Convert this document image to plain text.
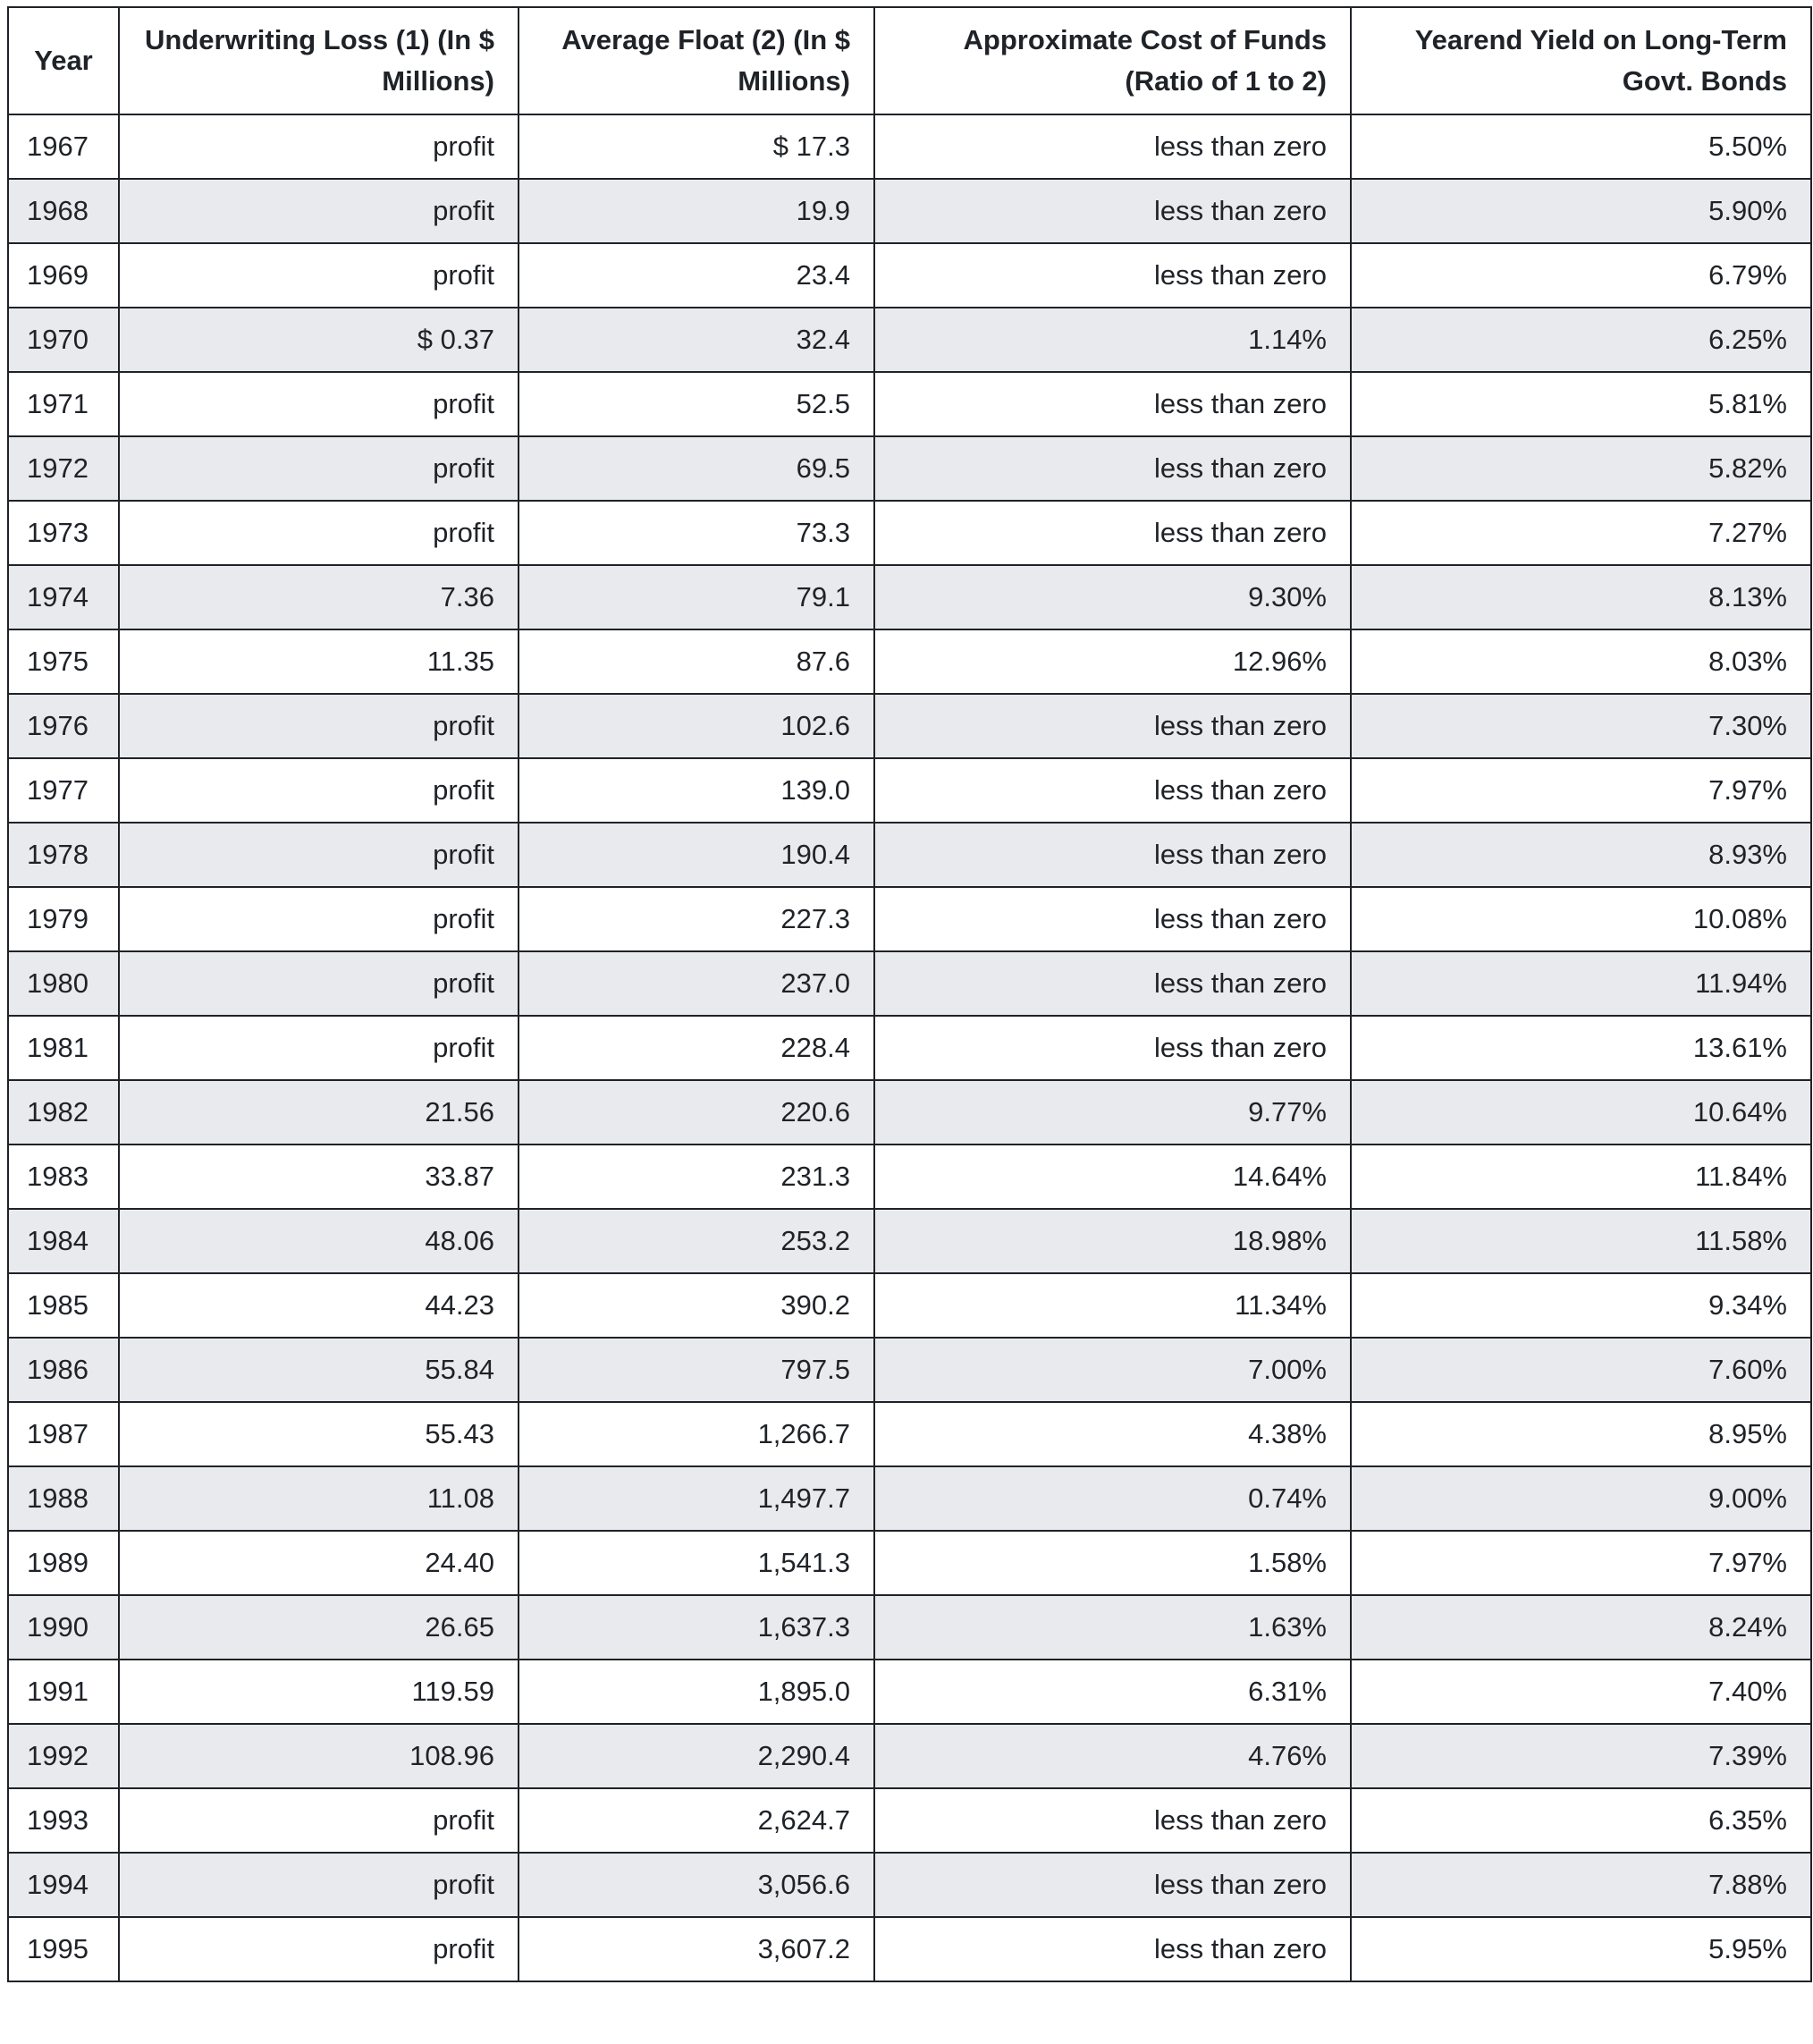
Year	Underwriting Loss (1) (In $ Millions)	Average Float (2) (In $ Millions)	Approximate Cost of Funds (Ratio of 1 to 2)	Yearend Yield on Long-Term Govt. Bonds
1967	profit	$ 17.3	less than zero	5.50%
1968	profit	19.9	less than zero	5.90%
1969	profit	23.4	less than zero	6.79%
1970	$ 0.37	32.4	1.14%	6.25%
1971	profit	52.5	less than zero	5.81%
1972	profit	69.5	less than zero	5.82%
1973	profit	73.3	less than zero	7.27%
1974	7.36	79.1	9.30%	8.13%
1975	11.35	87.6	12.96%	8.03%
1976	profit	102.6	less than zero	7.30%
1977	profit	139.0	less than zero	7.97%
1978	profit	190.4	less than zero	8.93%
1979	profit	227.3	less than zero	10.08%
1980	profit	237.0	less than zero	11.94%
1981	profit	228.4	less than zero	13.61%
1982	21.56	220.6	9.77%	10.64%
1983	33.87	231.3	14.64%	11.84%
1984	48.06	253.2	18.98%	11.58%
1985	44.23	390.2	11.34%	9.34%
1986	55.84	797.5	7.00%	7.60%
1987	55.43	1,266.7	4.38%	8.95%
1988	11.08	1,497.7	0.74%	9.00%
1989	24.40	1,541.3	1.58%	7.97%
1990	26.65	1,637.3	1.63%	8.24%
1991	119.59	1,895.0	6.31%	7.40%
1992	108.96	2,290.4	4.76%	7.39%
1993	profit	2,624.7	less than zero	6.35%
1994	profit	3,056.6	less than zero	7.88%
1995	profit	3,607.2	less than zero	5.95%
